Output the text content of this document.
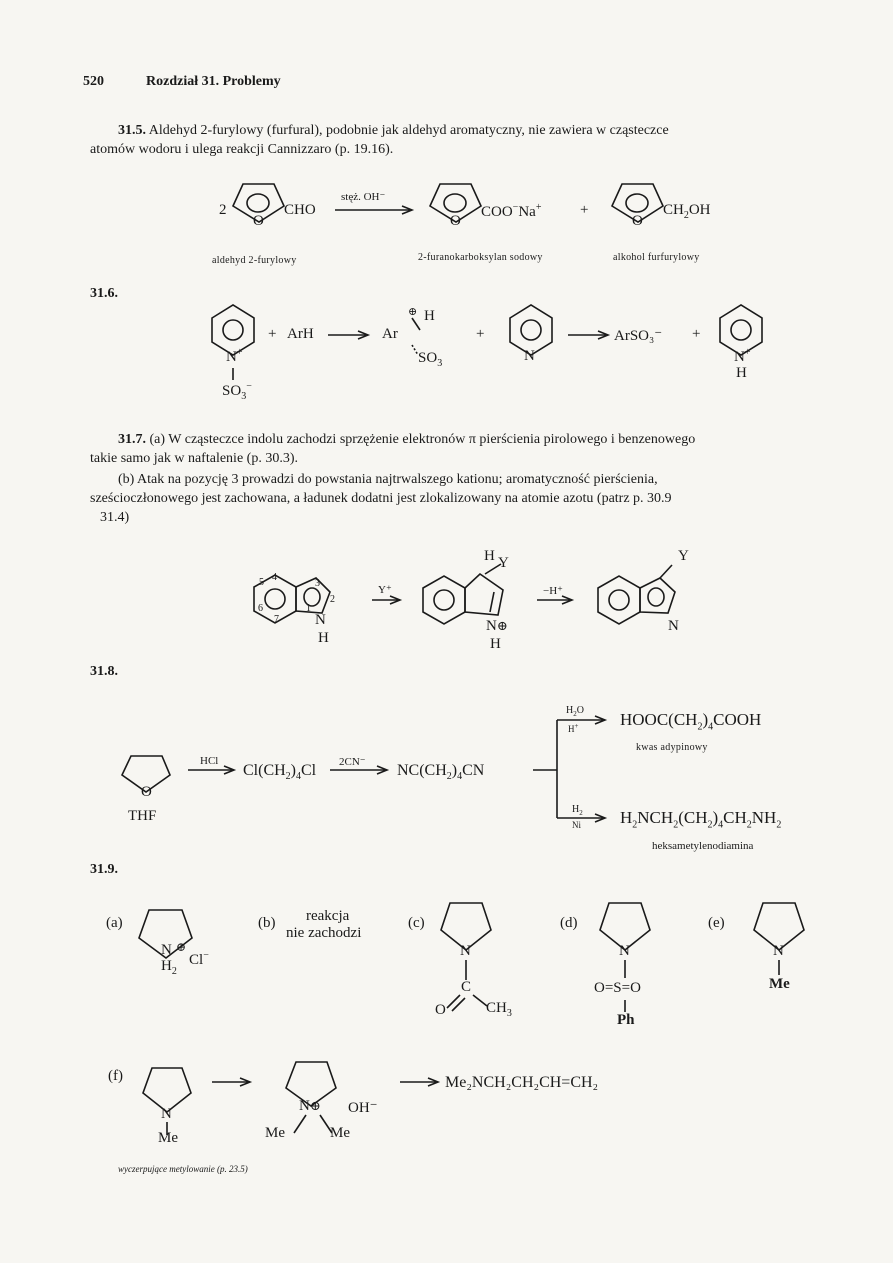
520	Rozdział 31. Problemy
31.5. Aldehyd 2-furylowy (furfural), podobnie jak aldehyd aromatyczny, nie zawiera w cząsteczce
atomów wodoru i ulega reakcji Cannizzaro (p. 19.16).
2
O
CHO
stęż. OH⁻
O
COO−Na+	+
O
$CH_2OH$
aldehyd 2-furylowy	2-furanokarboksylan sodowy	alkohol furfurylowy
31.6.
N+
$SO_3^-$
+ ArH
⊕ H
Ar
$SO_3$
+
N
ArSO₃⁻ +
N+
H
31.7. (a) W cząsteczce indolu zachodzi sprzężenie elektronów π pierścienia pirolowego i benzenowego
takie samo jak w naftalenie (p. 30.3).
(b) Atak na pozycję 3 prowadzi do powstania najtrwalszego kationu; aromatyczność pierścienia,
sześcioczłonowego jest zachowana, a ładunek dodatni jest zlokalizowany na atomie azotu (patrz p. 30.9
31.4)
5 4
6
7
3
2
1
N
H
Y⁺
H Y
N⊕
H
−H⁺
Y
N
31.8.
O
THF
HCl
$Cl(CH_2)_4Cl$ 2CN⁻ $NC(CH_2)_4CN$
$H_2O$
H+ $HOOC(CH_2)_4COOH$
kwas adypinowy
$H_2$
Ni $H_2NCH_2(CH_2)_4CH_2NH_2$
heksametylenodiamina
31.9.
(a)
N ⊕
Cl−
$H_2$
(b) reakcja
nie zachodzi
(c)
N
C
O	$CH_3$
(d)
N
O=S=O
Ph
(e)
N
Me
(f)
N
Me
N⊕ OH⁻
Me	Me
Me₂NCH₂CH₂CH=CH₂
wyczerpujące metylowanie (p. 23.5)
